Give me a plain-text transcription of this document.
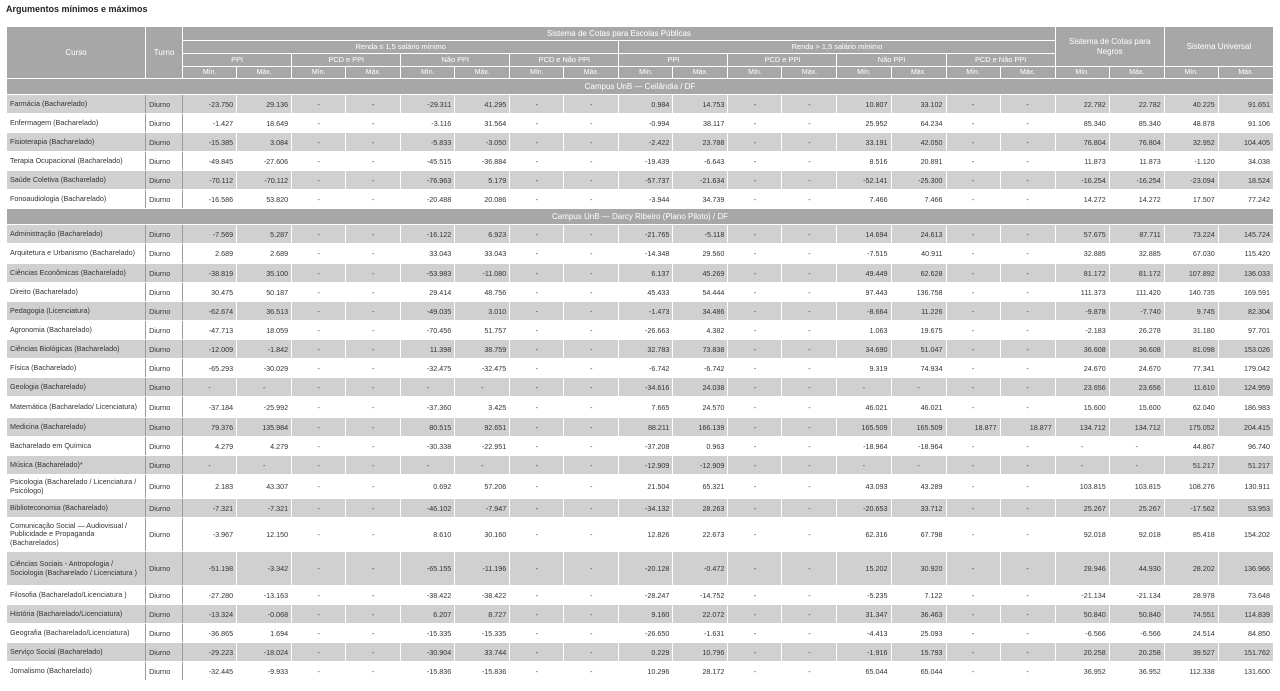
Argumentos mínimos e máximos
Curso	Turno	Sistema de Cotas para Escolas Públicas																Sistema de Cotas para Negros		Sistema Universal	
		Renda ≤ 1,5 salário mínimo								Renda > 1,5 salário mínimo											
		PPI		PCD e PPI		Não PPI		PCD e Não PPI		PPI		PCD e PPI		Não PPI		PCD e Não PPI					
		Mín.	Máx.	Mín.	Máx.	Mín.	Máx.	Mín.	Máx.	Mín.	Máx.	Mín.	Máx.	Mín.	Máx.	Mín.	Máx.	Mín.	Máx.	Mín.	Máx.
Campus UnB — Ceilândia / DF																					
Farmácia (Bacharelado)	Diurno	-23.750	29.136	-	-	-29.311	41.295	-	-	0.984	14.753	-	-	10.807	33.102	-	-	22.782	22.782	40.225	91.651
Enfermagem (Bacharelado)	Diurno	-1.427	18.649	-	-	-3.116	31.564	-	-	-0.994	38.117	-	-	25.952	64.234	-	-	85.340	85.340	48.878	91.106
Fisioterapia (Bacharelado)	Diurno	-15.385	3.084	-	-	-5.833	-3.050	-	-	-2.422	23.788	-	-	33.191	42.050	-	-	76.804	76.804	32.952	104.405
Terapia Ocupacional (Bacharelado)	Diurno	-49.845	-27.606	-	-	-45.515	-36.884	-	-	-19.439	-6.643	-	-	8.516	20.891	-	-	11.873	11.873	-1.120	34.038
Saúde Coletiva (Bacharelado)	Diurno	-70.112	-70.112	-	-	-76.963	5.179	-	-	-57.737	-21.634	-	-	-52.141	-25.300	-	-	-16.254	-16.254	-23.094	18.524
Fonoaudiologia (Bacharelado)	Diurno	-16.586	53.820	-	-	-20.488	20.086	-	-	-3.944	34.739	-	-	7.466	7.466	-	-	14.272	14.272	17.507	77.242
Campus UnB — Darcy Ribeiro (Plano Piloto) / DF																					
Administração (Bacharelado)	Diurno	-7.569	5.287	-	-	-16.122	6.923	-	-	-21.765	-5.118	-	-	14.694	24.613	-	-	57.675	87.711	73.224	145.724
Arquitetura e Urbanismo (Bacharelado)	Diurno	2.689	2.689	-	-	33.043	33.043	-	-	-14.348	29.560	-	-	-7.515	40.911	-	-	32.885	32.885	67.030	115.420
Ciências Econômicas (Bacharelado)	Diurno	-38.819	35.100	-	-	-53.983	-11.080	-	-	6.137	45.269	-	-	49.449	62.628	-	-	81.172	81.172	107.892	136.033
Direito (Bacharelado)	Diurno	30.475	50.187	-	-	29.414	48.756	-	-	45.433	54.444	-	-	97.443	136.758	-	-	111.373	111.420	140.735	169.591
Pedagogia (Licenciatura)	Diurno	-62.674	36.513	-	-	-49.035	3.010	-	-	-1.473	34.486	-	-	-8.664	11.226	-	-	-9.878	-7.740	9.745	82.304
Agronomia (Bacharelado)	Diurno	-47.713	18.059	-	-	-70.456	51.757	-	-	-26.663	4.382	-	-	1.063	19.675	-	-	-2.183	26.278	31.180	97.701
Ciências Biológicas (Bacharelado)	Diurno	-12.009	-1.842	-	-	11.398	38.759	-	-	32.783	73.838	-	-	34.690	51.047	-	-	36.608	36.608	81.098	153.026
Física (Bacharelado)	Diurno	-65.293	-30.029	-	-	-32.475	-32.475	-	-	-6.742	-6.742	-	-	9.319	74.934	-	-	24.670	24.670	77.341	179.042
Geologia (Bacharelado)	Diurno	-	-	-	-	-	-	-	-	-34.616	24.038	-	-	-	-	-	-	23.656	23.656	11.610	124.959
Matemática (Bacharelado/ Licenciatura)	Diurno	-37.184	-25.992	-	-	-37.360	3.425	-	-	7.665	24.570	-	-	46.021	46.021	-	-	15.600	15.600	62.040	186.983
Medicina (Bacharelado)	Diurno	79.376	135.984	-	-	80.515	92.651	-	-	88.211	166.139	-	-	165.509	165.509	18.877	18.877	134.712	134.712	175.052	204.415
Bacharelado em Química	Diurno	4.279	4.279	-	-	-30.338	-22.951	-	-	-37.208	0.963	-	-	-18.964	-18.964	-	-	-	-	44.867	96.740
Música (Bacharelado)*	Diurno	-	-	-	-	-	-	-	-	-12.909	-12.909	-	-	-	-	-	-	-	-	51.217	51.217
Psicologia (Bacharelado / Licenciatura / Psicólogo)	Diurno	2.183	43.307	-	-	0.692	57.206	-	-	21.504	65.321	-	-	43.093	43.289	-	-	103.815	103.815	108.276	130.911
Biblioteconomia (Bacharelado)	Diurno	-7.321	-7.321	-	-	-46.102	-7.947	-	-	-34.132	28.263	-	-	-20.653	33.712	-	-	25.267	25.267	-17.562	53.953
Comunicação Social — Audiovisual / Publicidade e Propaganda (Bacharelados)	Diurno	-3.967	12.150	-	-	8.610	30.160	-	-	12.826	22.673	-	-	62.316	67.798	-	-	92.018	92.018	85.418	154.202
Ciências Sociais - Antropologia / Sociologia (Bacharelado / Licenciatura )	Diurno	-51.198	-3.342	-	-	-65.155	-11.196	-	-	-20.128	-0.472	-	-	15.202	30.920	-	-	28.946	44.930	28.202	136.966
Filosofia (Bacharelado/Licenciatura )	Diurno	-27.280	-13.163	-	-	-38.422	-38.422	-	-	-28.247	-14.752	-	-	-5.235	7.122	-	-	-21.134	-21.134	28.978	73.648
História (Bacharelado/Licenciatura)	Diurno	-13.324	-0.068	-	-	6.207	8.727	-	-	9.160	22.072	-	-	31.347	36.463	-	-	50.840	50.840	74.551	114.839
Geografia (Bacharelado/Licenciatura)	Diurno	-36.865	1.694	-	-	-15.335	-15.335	-	-	-26.650	-1.631	-	-	-4.413	25.093	-	-	-6.566	-6.566	24.514	84.850
Serviço Social (Bacharelado)	Diurno	-29.223	-18.024	-	-	-30.904	33.744	-	-	0.229	10.796	-	-	-1.916	15.793	-	-	20.258	20.258	39.527	151.762
Jornalismo (Bacharelado)	Diurno	-32.445	-9.933	-	-	-15.836	-15.836	-	-	10.296	28.172	-	-	65.044	65.044	-	-	36.952	36.952	112.338	131.600
